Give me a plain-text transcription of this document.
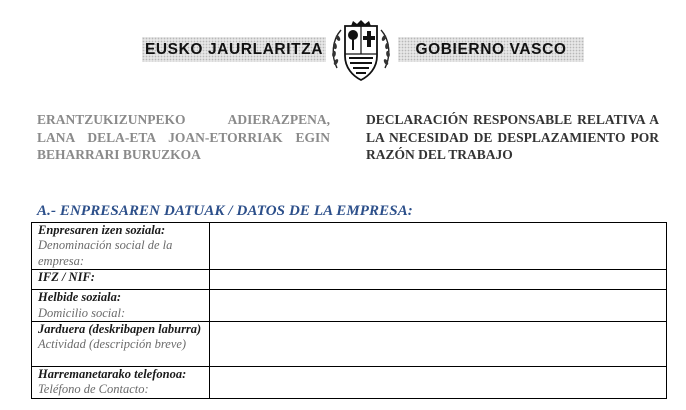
EUSKO JAURLARITZA	GOBIERNO VASCO
ERANTZUKIZUNPEKO ADIERAZPENA, LANA DELA-ETA JOAN-ETORRIAK EGIN BEHARRARI BURUZKOA
DECLARACIÓN RESPONSABLE RELATIVA A LA NECESIDAD DE DESPLAZAMIENTO POR RAZÓN DEL TRABAJO
A.- ENPRESAREN DATUAK / DATOS DE LA EMPRESA:
Enpresaren izen soziala:
Denominación social de la empresa:	

IFZ / NIF:	

Helbide soziala:
Domicilio social:	

Jarduera (deskribapen laburra)
Actividad (descripción breve)	

Harremanetarako telefonoa:
Teléfono de Contacto:	
